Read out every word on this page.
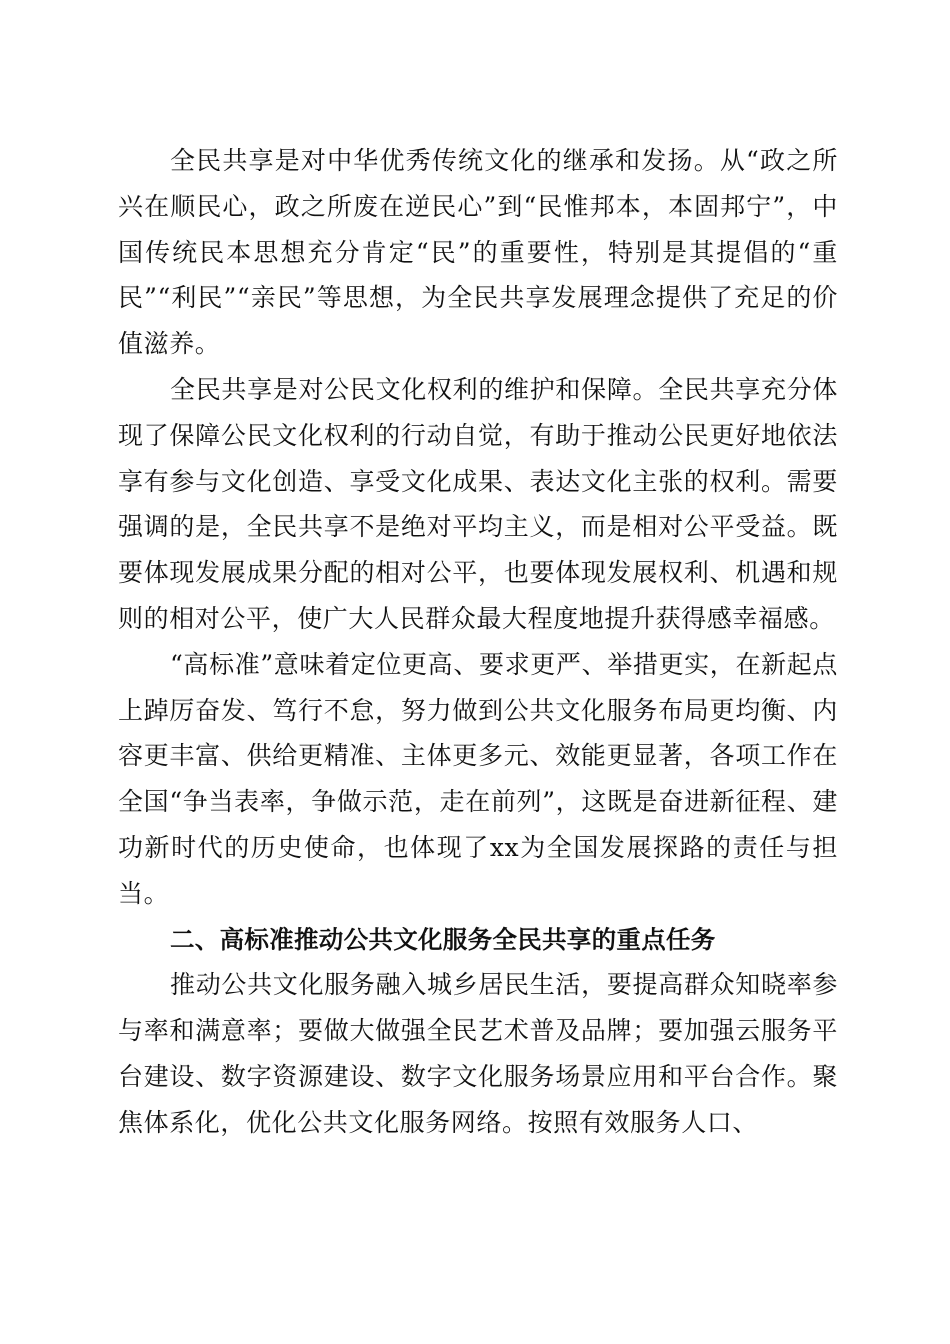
全民共享是对中华优秀传统文化的继承和发扬。从“政之所兴在顺民心，政之所废在逆民心”到“民惟邦本，本固邦宁”，中国传统民本思想充分肯定“民”的重要性，特别是其提倡的“重民”“利民”“亲民”等思想，为全民共享发展理念提供了充足的价值滋养。

全民共享是对公民文化权利的维护和保障。全民共享充分体现了保障公民文化权利的行动自觉，有助于推动公民更好地依法享有参与文化创造、享受文化成果、表达文化主张的权利。需要强调的是，全民共享不是绝对平均主义，而是相对公平受益。既要体现发展成果分配的相对公平，也要体现发展权利、机遇和规则的相对公平，使广大人民群众最大程度地提升获得感幸福感。

“高标准”意味着定位更高、要求更严、举措更实，在新起点上踔厉奋发、笃行不怠，努力做到公共文化服务布局更均衡、内容更丰富、供给更精准、主体更多元、效能更显著，各项工作在全国“争当表率，争做示范，走在前列”，这既是奋进新征程、建功新时代的历史使命，也体现了xx为全国发展探路的责任与担当。

二、高标准推动公共文化服务全民共享的重点任务

推动公共文化服务融入城乡居民生活，要提高群众知晓率参与率和满意率；要做大做强全民艺术普及品牌；要加强云服务平台建设、数字资源建设、数字文化服务场景应用和平台合作。聚焦体系化，优化公共文化服务网络。按照有效服务人口、
